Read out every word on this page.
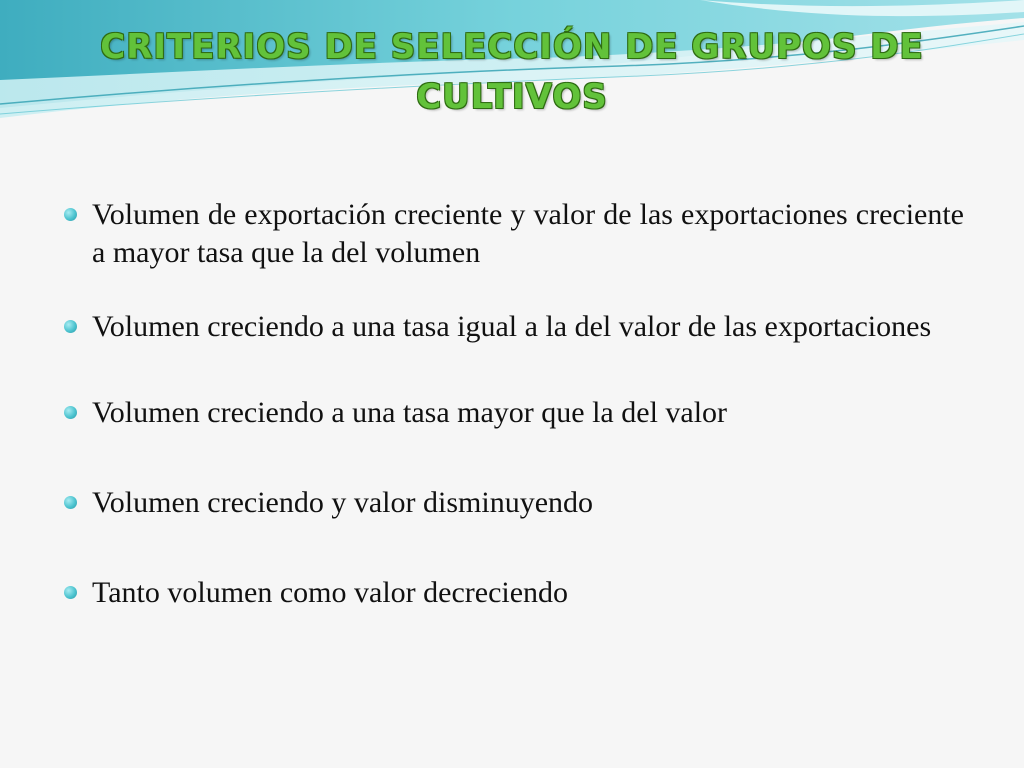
CRITERIOS DE SELECCIÓN DE GRUPOS DE CULTIVOS
Volumen de exportación creciente y valor de las exportaciones creciente a mayor tasa que la del volumen
Volumen creciendo a una tasa igual a la del valor de las exportaciones
Volumen creciendo a una tasa mayor que la del valor
Volumen creciendo y valor disminuyendo
Tanto volumen como valor decreciendo
